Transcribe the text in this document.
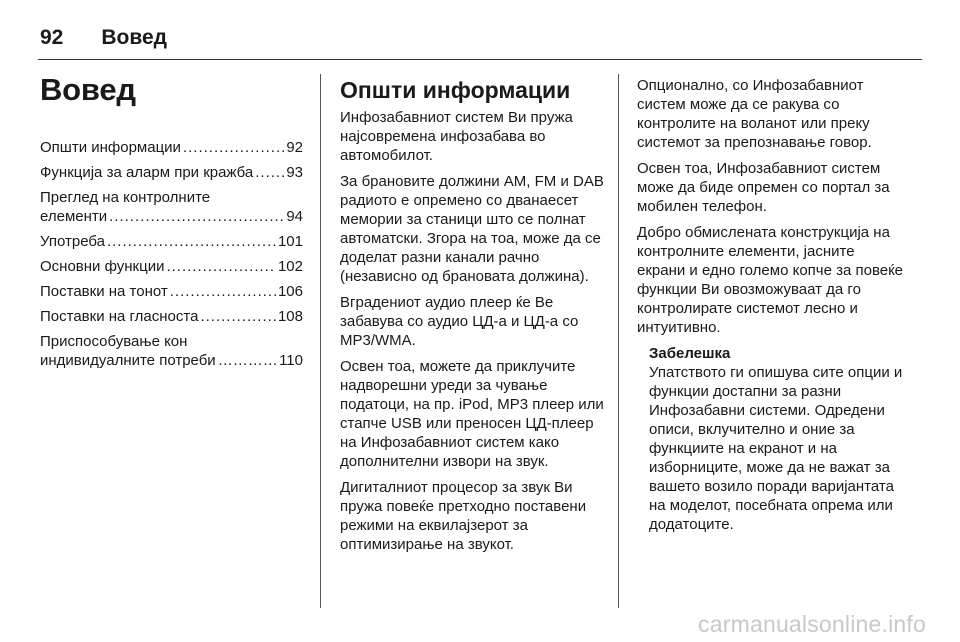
92 Вовед
Вовед
Општи информации .....	92
Функција за аларм при кражба ..... 93
Преглед на контролните
елементи .....	94
Употреба .....	101
Основни функции .....	102
Поставки на тонот .....	106
Поставки на гласноста .....	108
Приспособување кон
индивидуалните потреби …………………………………………	110
Општи информации

Инфозабавниот систем Ви пружа најсовремена инфозабава во автомобилот.

За брановите должини AM, FM и DAB радиото е опремено со дванаесет мемории за станици што се полнат автоматски. Згора на тоа, може да се доделат разни канали рачно (независно од брановата должина).

Вградениот аудио плеер ќе Ве забавува со аудио ЦД-а и ЦД-а со MP3/WMA.

Освен тоа, можете да приклучите надворешни уреди за чување податоци, на пр. iPod, MP3 плеер или стапче USB или преносен ЦД-плеер на Инфозабавниот систем како дополнителни извори на звук.

Дигиталниот процесор за звук Ви пружа повеќе претходно поставени режими на еквилајзерот за оптимизирање на звукот.

Опционално, со Инфозабавниот систем може да се ракува со контролите на воланот или преку системот за препознавање говор.

Освен тоа, Инфозабавниот систем може да биде опремен со портал за мобилен телефон.

Добро обмислената конструкција на контролните елементи, јасните екрани и едно големо копче за повеќе функции Ви овозможуваат да го контролирате системот лесно и интуитивно.

Забелешка

Упатството ги опишува сите опции и функции достапни за разни Инфозабавни системи. Одредени описи, вклучително и оние за функциите на екранот и на изборниците, може да не важат за вашето возило поради варијантата на моделот, посебната опрема или додатоците.

carmanualsonline.info
